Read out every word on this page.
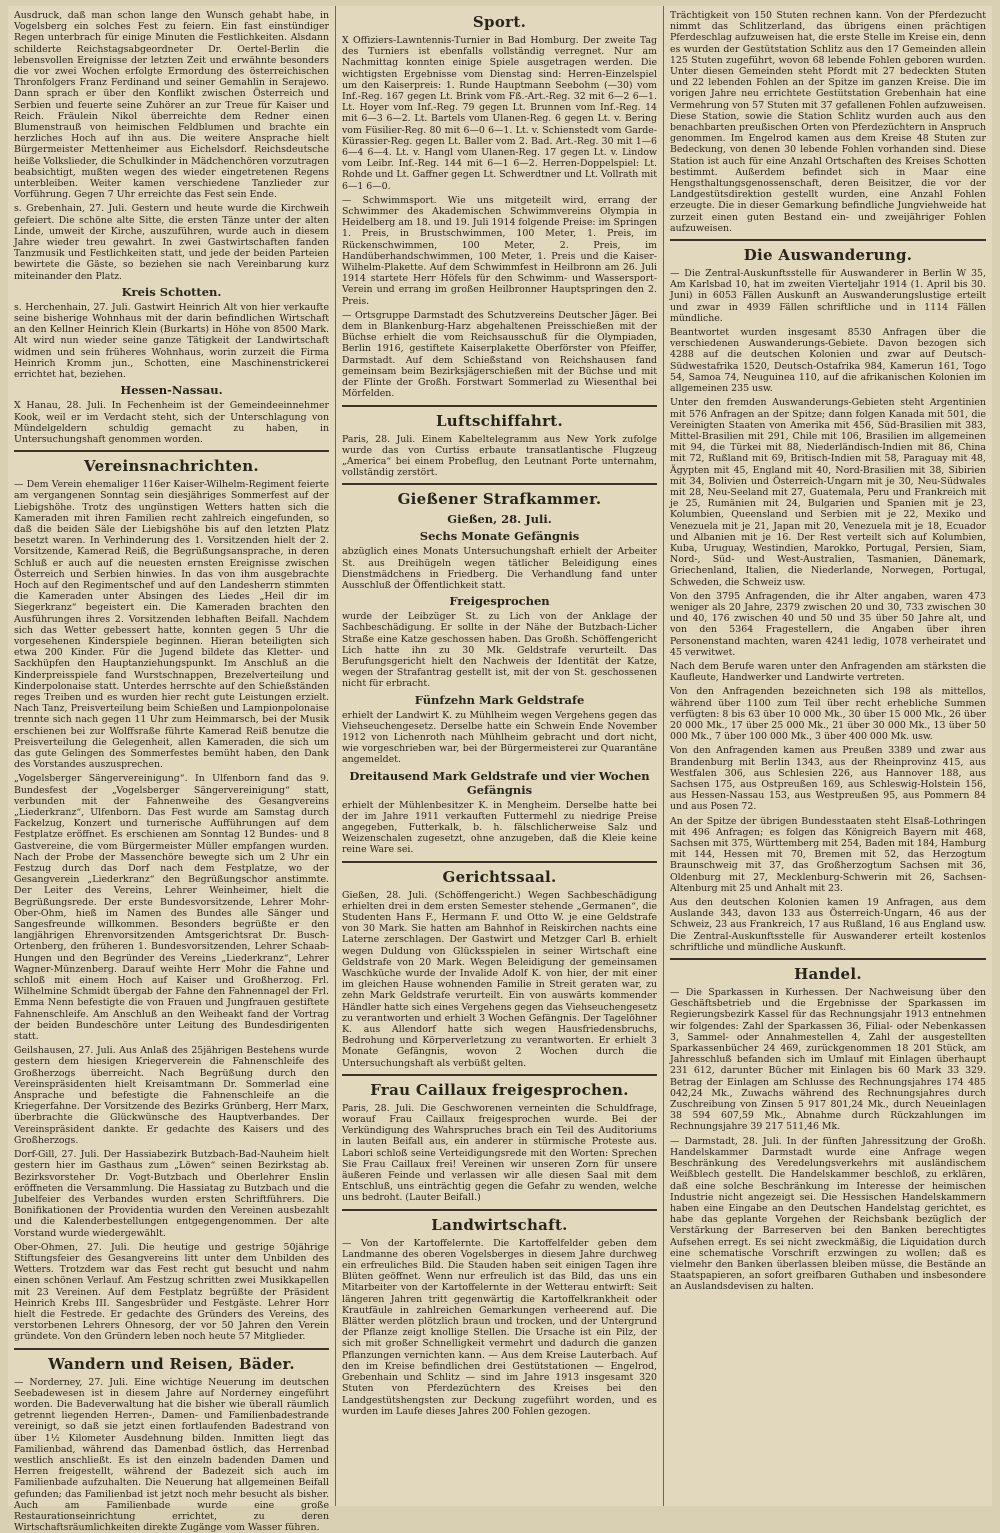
Ausdruck, daß man schon lange den Wunsch gehabt habe, in Vogelsberg ein solches Fest zu feiern. Ein fast einstündiger Regen unterbrach für einige Minuten die Festlichkeiten. Alsdann schilderte Reichstagsabgeordneter Dr. Oertel-Berlin die lebensvollen Ereignisse der letzten Zeit und erwähnte besonders die vor zwei Wochen erfolgte Ermordung des österreichischen Thronfolgers Franz Ferdinand und seiner Gemahlin in Serajewo. Dann sprach er über den Konflikt zwischen Österreich und Serbien und feuerte seine Zuhörer an zur Treue für Kaiser und Reich. Fräulein Nikol überreichte dem Redner einen Blumenstrauß von heimischen Feldblumen und brachte ein herzliches Hoch auf ihn aus. Die weitere Ansprache hielt Bürgermeister Mettenheimer aus Eichelsdorf. Reichsdeutsche heiße Volkslieder, die Schulkinder in Mädchenchören vorzutragen beabsichtigt, mußten wegen des wieder eingetretenen Regens unterbleiben. Weiter kamen verschiedene Tanzlieder zur Vorführung. Gegen 7 Uhr erreichte das Fest sein Ende.

s. Grebenhain, 27. Juli. Gestern und heute wurde die Kirchweih gefeiert. Die schöne alte Sitte, die ersten Tänze unter der alten Linde, umweit der Kirche, auszuführen, wurde auch in diesem Jahre wieder treu gewahrt. In zwei Gastwirtschaften fanden Tanzmusik und Festlichkeiten statt, und jede der beiden Parteien bewirtete die Gäste, so beziehen sie nach Vereinbarung kurz miteinander den Platz.

Kreis Schotten.

s. Herchenhain, 27. Juli. Gastwirt Heinrich Alt von hier verkaufte seine bisherige Wohnhaus mit der darin befindlichen Wirtschaft an den Kellner Heinrich Klein (Burkarts) in Höhe von 8500 Mark. Alt wird nun wieder seine ganze Tätigkeit der Landwirtschaft widmen und sein früheres Wohnhaus, worin zurzeit die Firma Heinrich Kromm jun., Schotten, eine Maschinenstrickerei errichtet hat, beziehen.

Hessen-Nassau.

X Hanau, 28. Juli. In Fechenheim ist der Gemeindeeinnehmer Kook, weil er im Verdacht steht, sich der Unterschlagung von Mündelgeldern schuldig gemacht zu haben, in Untersuchungshaft genommen worden.

Vereinsnachrichten.

— Dem Verein ehemaliger 116er Kaiser-Wilhelm-Regiment feierte am vergangenen Sonntag sein diesjähriges Sommerfest auf der Liebigshöhe. Trotz des ungünstigen Wetters hatten sich die Kameraden mit ihren Familien recht zahlreich eingefunden, so daß die beiden Säle der Liebigshöhe bis auf den letzten Platz besetzt waren. In Verhinderung des 1. Vorsitzenden hielt der 2. Vorsitzende, Kamerad Reiß, die Begrüßungsansprache, in deren Schluß er auch auf die neuesten ernsten Ereignisse zwischen Österreich und Serbien hinwies. In das von ihm ausgebrachte Hoch auf den Regimentschef und auf den Landesherrn stimmten die Kameraden unter Absingen des Liedes „Heil dir im Siegerkranz“ begeistert ein. Die Kameraden brachten den Ausführungen ihres 2. Vorsitzenden lebhaften Beifall. Nachdem sich das Wetter gebessert hatte, konnten gegen 5 Uhr die vorgesehenen Kinderspiele beginnen. Hieran beteiligten sich etwa 200 Kinder. Für die Jugend bildete das Kletter- und Sackhüpfen den Hauptanziehungspunkt. Im Anschluß an die Kinderpreisspiele fand Wurstschnappen, Brezelverteilung und Kinderpolonaise statt. Unterdes herrschte auf den Schießständen reges Treiben und es wurden hier recht gute Leistungen erzielt. Nach Tanz, Preisverteilung beim Schießen und Lampionpolonaise trennte sich nach gegen 11 Uhr zum Heimmarsch, bei der Musik erschienen bei zur Wolffsraße führte Kamerad Reiß benutze die Preisverteilung die Gelegenheit, allen Kameraden, die sich um das gute Gelingen des Sommerfestes bemüht haben, den Dank des Vorstandes auszusprechen.

„Vogelsberger Sängervereinigung“. In Ulfenborn fand das 9. Bundesfest der „Vogelsberger Sängervereinigung“ statt, verbunden mit der Fahnenweihe des Gesangvereins „Liederkranz“, Ulfenborn. Das Fest wurde am Samstag durch Fackelzug, Konzert und turnerische Aufführungen auf dem Festplatze eröffnet. Es erschienen am Sonntag 12 Bundes- und 8 Gastvereine, die vom Bürgermeister Müller empfangen wurden. Nach der Probe der Massenchöre bewegte sich um 2 Uhr ein Festzug durch das Dorf nach dem Festplatze, wo der Gesangverein „Liederkranz“ den Begrüßungschor anstimmte. Der Leiter des Vereins, Lehrer Weinheimer, hielt die Begrüßungsrede. Der erste Bundesvorsitzende, Lehrer Mohr-Ober-Ohm, hieß im Namen des Bundes alle Sänger und Sangesfreunde willkommen. Besonders begrüßte er den langjährigen Ehrenvorsitzenden Amtsgerichtsrat Dr. Busch-Ortenberg, den früheren 1. Bundesvorsitzenden, Lehrer Schaab-Hungen und den Begründer des Vereins „Liederkranz“, Lehrer Wagner-Münzenberg. Darauf weihte Herr Mohr die Fahne und schloß mit einem Hoch auf Kaiser und Großherzog. Frl. Wilhelmine Schmidt übergab der Fahne den Fahnennagel der Frl. Emma Nenn befestigte die von Frauen und Jungfrauen gestiftete Fahnenschleife. Am Anschluß an den Weiheakt fand der Vortrag der beiden Bundeschöre unter Leitung des Bundesdirigenten statt.

Geilshausen, 27. Juli. Aus Anlaß des 25jährigen Bestehens wurde gestern dem hiesigen Kriegerverein die Fahnenschleife des Großherzogs überreicht. Nach Begrüßung durch den Vereinspräsidenten hielt Kreisamtmann Dr. Sommerlad eine Ansprache und befestigte die Fahnenschleife an die Kriegerfahne. Der Vorsitzende des Bezirks Grünberg, Herr Marx, überbrachte die Glückwünsche des Hauptverbandes. Der Vereinspräsident dankte. Er gedachte des Kaisers und des Großherzogs.

Dorf-Gill, 27. Juli. Der Hassiabezirk Butzbach-Bad-Nauheim hielt gestern hier im Gasthaus zum „Löwen“ seinen Bezirkstag ab. Bezirksvorsteher Dr. Vogt-Butzbach und Oberlehrer Enslin eröffneten die Versammlung. Die Hassiatag zu Butzbach und die Jubelfeier des Verbandes wurden ersten Schriftführers. Die Bonifikationen der Providentia wurden den Vereinen ausbezahlt und die Kalenderbestellungen entgegengenommen. Der alte Vorstand wurde wiedergewählt.

Ober-Ohmen, 27. Juli. Die heutige und gestrige 50jährige Stiftungsfeier des Gesangvereins litt unter dem Unbilden des Wetters. Trotzdem war das Fest recht gut besucht und nahm einen schönen Verlauf. Am Festzug schritten zwei Musikkapellen mit 23 Vereinen. Auf dem Festplatz begrüßte der Präsident Heinrich Krebs III. Sangesbrüder und Festgäste. Lehrer Horr hielt die Festrede. Er gedachte des Gründers des Vereins, des verstorbenen Lehrers Ohnesorg, der vor 50 Jahren den Verein gründete. Von den Gründern leben noch heute 57 Mitglieder.

Wandern und Reisen, Bäder.

— Norderney, 27. Juli. Eine wichtige Neuerung im deutschen Seebadewesen ist in diesem Jahre auf Norderney eingeführt worden. Die Badeverwaltung hat die bisher wie überall räumlich getrennt liegenden Herren-, Damen- und Familienbadestrande vereinigt, so daß sie jetzt einen fortlaufenden Badestrand von über 1½ Kilometer Ausdehnung bilden. Inmitten liegt das Familienbad, während das Damenbad östlich, das Herrenbad westlich anschließt. Es ist den einzeln badenden Damen und Herren freigestellt, während der Badezeit sich auch im Familienbade aufzuhalten. Die Neuerung hat allgemeinen Beifall gefunden; das Familienbad ist jetzt noch mehr besucht als bisher. Auch am Familienbade wurde eine große Restaurationseinrichtung errichtet, zu deren Wirtschaftsräumlichkeiten direkte Zugänge vom Wasser führen.

Sport.

X Offiziers-Lawntennis-Turnier in Bad Homburg. Der zweite Tag des Turniers ist ebenfalls vollständig verregnet. Nur am Nachmittag konnten einige Spiele ausgetragen werden. Die wichtigsten Ergebnisse vom Dienstag sind: Herren-Einzelspiel um den Kaiserpreis: 1. Runde Hauptmann Seebohm (—30) vom Inf.-Reg. 167 gegen Lt. Brink vom Fß.-Art.-Reg. 32 mit 6—2 6—1. Lt. Hoyer vom Inf.-Reg. 79 gegen Lt. Brunnen vom Inf.-Reg. 14 mit 6—3 6—2. Lt. Bartels vom Ulanen-Reg. 6 gegen Lt. v. Bering vom Füsilier-Reg. 80 mit 6—0 6—1. Lt. v. Schienstedt vom Garde-Kürassier-Reg. gegen Lt. Baller vom 2. Bad. Art.-Reg. 30 mit 1—6 6—4 6—4. Lt. v. Hangl vom Ulanen-Reg. 17 gegen Lt. v. Lindow vom Leibr. Inf.-Reg. 144 mit 6—1 6—2. Herren-Doppelspiel: Lt. Rohde und Lt. Gaffner gegen Lt. Schwerdtner und Lt. Vollrath mit 6—1 6—0.

— Schwimmsport. Wie uns mitgeteilt wird, errang der Schwimmer des Akademischen Schwimmvereins Olympia in Heidelberg am 18. und 19. Juli 1914 folgende Preise: im Springen 1. Preis, in Brustschwimmen, 100 Meter, 1. Preis, im Rückenschwimmen, 100 Meter, 2. Preis, im Handüberhandschwimmen, 100 Meter, 1. Preis und die Kaiser-Wilhelm-Plakette. Auf dem Schwimmfest in Heilbronn am 26. Juli 1914 startete Herr Höfels für den Schwimm- und Wassersport-Verein und errang im großen Heilbronner Hauptspringen den 2. Preis.

— Ortsgruppe Darmstadt des Schutzvereins Deutscher Jäger. Bei dem in Blankenburg-Harz abgehaltenen Preisschießen mit der Büchse erhielt die vom Reichsausschuß für die Olympiaden, Berlin 1916, gestiftete Kaiserplakette Oberförster von Pfeiffer, Darmstadt. Auf dem Schießstand von Reichshausen fand gemeinsam beim Bezirksjägerschießen mit der Büchse und mit der Flinte der Großh. Forstwart Sommerlad zu Wiesenthal bei Mörfelden.

Luftschiffahrt.

Paris, 28. Juli. Einem Kabeltelegramm aus New York zufolge wurde das von Curtiss erbaute transatlantische Flugzeug „America“ bei einem Probeflug, den Leutnant Porte unternahm, vollständig zerstört.

Gießener Strafkammer.
Gießen, 28. Juli.
Sechs Monate Gefängnis

abzüglich eines Monats Untersuchungshaft erhielt der Arbeiter St. aus Dreihügeln wegen tätlicher Beleidigung eines Dienstmädchens in Friedberg. Die Verhandlung fand unter Ausschluß der Öffentlichkeit statt.

Freigesprochen

wurde der Leibzüger St. zu Lich von der Anklage der Sachbeschädigung. Er sollte in der Nähe der Butzbach-Licher Straße eine Katze geschossen haben. Das Großh. Schöffengericht Lich hatte ihn zu 30 Mk. Geldstrafe verurteilt. Das Berufungsgericht hielt den Nachweis der Identität der Katze, wegen der Strafantrag gestellt ist, mit der von St. geschossenen nicht für erbracht.

Fünfzehn Mark Geldstrafe

erhielt der Landwirt K. zu Mühlheim wegen Vergehens gegen das Viehseuchengesetz. Derselbe hatte ein Schwein Ende November 1912 von Lichenroth nach Mühlheim gebracht und dort nicht, wie vorgeschrieben war, bei der Bürgermeisterei zur Quarantäne angemeldet.

Dreitausend Mark Geldstrafe und vier Wochen Gefängnis

erhielt der Mühlenbesitzer K. in Mengheim. Derselbe hatte bei der im Jahre 1911 verkauften Futtermehl zu niedrige Preise angegeben, Futterkalk, b. h. fälschlicherweise Salz und Weizenschalen zugesetzt, ohne anzugeben, daß die Kleie keine reine Ware sei.

Gerichtssaal.

Gießen, 28. Juli. (Schöffengericht.) Wegen Sachbeschädigung erhielten drei in dem ersten Semester stehende „Germanen“, die Studenten Hans F., Hermann F. und Otto W. je eine Geldstrafe von 30 Mark. Sie hatten am Bahnhof in Reiskirchen nachts eine Laterne zerschlagen. Der Gastwirt und Metzger Carl B. erhielt wegen Duldung von Glücksspielen in seiner Wirtschaft eine Geldstrafe von 20 Mark. Wegen Beleidigung der gemeinsamen Waschküche wurde der Invalide Adolf K. von hier, der mit einer im gleichen Hause wohnenden Familie in Streit geraten war, zu zehn Mark Geldstrafe verurteilt. Ein von auswärts kommender Händler hatte sich eines Vergehens gegen das Viehseuchengesetz zu verantworten und erhielt 3 Wochen Gefängnis. Der Tagelöhner K. aus Allendorf hatte sich wegen Hausfriedensbruchs, Bedrohung und Körperverletzung zu verantworten. Er erhielt 3 Monate Gefängnis, wovon 2 Wochen durch die Untersuchungshaft als verbüßt gelten.

Frau Caillaux freigesprochen.

Paris, 28. Juli. Die Geschworenen verneinten die Schuldfrage, worauf Frau Caillaux freigesprochen wurde. Bei der Verkündigung des Wahrspruches brach ein Teil des Auditoriums in lauten Beifall aus, ein anderer in stürmische Proteste aus. Labori schloß seine Verteidigungsrede mit den Worten: Sprechen Sie Frau Caillaux frei! Vereinen wir unseren Zorn für unsere äußeren Feinde und verlassen wir alle diesen Saal mit dem Entschluß, uns einträchtig gegen die Gefahr zu wenden, welche uns bedroht. (Lauter Beifall.)

Landwirtschaft.

— Von der Kartoffelernte. Die Kartoffelfelder geben dem Landmanne des oberen Vogelsberges in diesem Jahre durchweg ein erfreuliches Bild. Die Stauden haben seit einigen Tagen ihre Blüten geöffnet. Wenn nur erfreulich ist das Bild, das uns ein Mitarbeiter von der Kartoffelernte in der Wetterau entwirft: Seit längeren Jahren tritt gegenwärtig die Kartoffelkrankheit oder Krautfäule in zahlreichen Gemarkungen verheerend auf. Die Blätter werden plötzlich braun und trocken, und der Untergrund der Pflanze zeigt knollige Stellen. Die Ursache ist ein Pilz, der sich mit großer Schnelligkeit vermehrt und dadurch die ganzen Pflanzungen vernichten kann. — Aus dem Kreise Lauterbach. Auf den im Kreise befindlichen drei Gestütstationen — Engelrod, Grebenhain und Schlitz — sind im Jahre 1913 insgesamt 320 Stuten von Pferdezüchtern des Kreises bei den Landgestütshengsten zur Deckung zugeführt worden, und es wurden im Laufe dieses Jahres 200 Fohlen gezogen.

Trächtigkeit von 150 Stuten rechnen kann. Von der Pferdezucht nimmt das Schlitzerland, das übrigens einen prächtigen Pferdeschlag aufzuweisen hat, die erste Stelle im Kreise ein, denn es wurden der Gestütstation Schlitz aus den 17 Gemeinden allein 125 Stuten zugeführt, wovon 68 lebende Fohlen geboren wurden. Unter diesen Gemeinden steht Pfordt mit 27 bedeckten Stuten und 22 lebenden Fohlen an der Spitze im ganzen Kreise. Die im vorigen Jahre neu errichtete Gestütstation Grebenhain hat eine Vermehrung von 57 Stuten mit 37 gefallenen Fohlen aufzuweisen. Diese Station, sowie die Station Schlitz wurden auch aus den benachbarten preußischen Orten von Pferdezüchtern in Anspruch genommen. Im Engelrod kamen aus dem Kreise 48 Stuten zur Bedeckung, von denen 30 lebende Fohlen vorhanden sind. Diese Station ist auch für eine Anzahl Ortschaften des Kreises Schotten bestimmt. Außerdem befindet sich in Maar eine Hengsthaltungsgenossenschaft, deren Beisitzer, die vor der Landgestütsdirektion gestellt wurden, eine Anzahl Fohlen erzeugte. Die in dieser Gemarkung befindliche Jungviehweide hat zurzeit einen guten Bestand ein- und zweijähriger Fohlen aufzuweisen.

Die Auswanderung.

— Die Zentral-Auskunftsstelle für Auswanderer in Berlin W 35, Am Karlsbad 10, hat im zweiten Vierteljahr 1914 (1. April bis 30. Juni) in 6053 Fällen Auskunft an Auswanderungslustige erteilt und zwar in 4939 Fällen schriftliche und in 1114 Fällen mündliche.

Beantwortet wurden insgesamt 8530 Anfragen über die verschiedenen Auswanderungs-Gebiete. Davon bezogen sich 4288 auf die deutschen Kolonien und zwar auf Deutsch-Südwestafrika 1520, Deutsch-Ostafrika 984, Kamerun 161, Togo 54, Samoa 74, Neuguinea 110, auf die afrikanischen Kolonien im allgemeinen 235 usw.

Unter den fremden Auswanderungs-Gebieten steht Argentinien mit 576 Anfragen an der Spitze; dann folgen Kanada mit 501, die Vereinigten Staaten von Amerika mit 456, Süd-Brasilien mit 383, Mittel-Brasilien mit 291, Chile mit 106, Brasilien im allgemeinen mit 94, die Türkei mit 88, Niederländisch-Indien mit 86, China mit 72, Rußland mit 69, Britisch-Indien mit 58, Paraguay mit 48, Ägypten mit 45, England mit 40, Nord-Brasilien mit 38, Sibirien mit 34, Bolivien und Österreich-Ungarn mit je 30, Neu-Südwales mit 28, Neu-Seeland mit 27, Guatemala, Peru und Frankreich mit je 25, Rumänien mit 24, Bulgarien und Spanien mit je 23, Kolumbien, Queensland und Serbien mit je 22, Mexiko und Venezuela mit je 21, Japan mit 20, Venezuela mit je 18, Ecuador und Albanien mit je 16. Der Rest verteilt sich auf Kolumbien, Kuba, Uruguay, Westindien, Marokko, Portugal, Persien, Siam, Nord-, Süd- und West-Australien, Tasmanien, Dänemark, Griechenland, Italien, die Niederlande, Norwegen, Portugal, Schweden, die Schweiz usw.

Von den 3795 Anfragenden, die ihr Alter angaben, waren 473 weniger als 20 Jahre, 2379 zwischen 20 und 30, 733 zwischen 30 und 40, 176 zwischen 40 und 50 und 35 über 50 Jahre alt, und von den 5364 Fragestellern, die Angaben über ihren Personenstand machten, waren 4241 ledig, 1078 verheiratet und 45 verwitwet.

Nach dem Berufe waren unter den Anfragenden am stärksten die Kaufleute, Handwerker und Landwirte vertreten.

Von den Anfragenden bezeichneten sich 198 als mittellos, während über 1100 zum Teil über recht erhebliche Summen verfügten: 8 bis 63 über 10 000 Mk., 30 über 15 000 Mk., 26 über 20 000 Mk., 17 über 25 000 Mk., 21 über 30 000 Mk., 13 über 50 000 Mk., 7 über 100 000 Mk., 3 über 400 000 Mk. usw.

Von den Anfragenden kamen aus Preußen 3389 und zwar aus Brandenburg mit Berlin 1343, aus der Rheinprovinz 415, aus Westfalen 306, aus Schlesien 226, aus Hannover 188, aus Sachsen 175, aus Ostpreußen 169, aus Schleswig-Holstein 156, aus Hessen-Nassau 153, aus Westpreußen 95, aus Pommern 84 und aus Posen 72.

An der Spitze der übrigen Bundesstaaten steht Elsaß-Lothringen mit 496 Anfragen; es folgen das Königreich Bayern mit 468, Sachsen mit 375, Württemberg mit 254, Baden mit 184, Hamburg mit 144, Hessen mit 70, Bremen mit 52, das Herzogtum Braunschweig mit 37, das Großherzogtum Sachsen mit 36, Oldenburg mit 27, Mecklenburg-Schwerin mit 26, Sachsen-Altenburg mit 25 und Anhalt mit 23.

Aus den deutschen Kolonien kamen 19 Anfragen, aus dem Auslande 343, davon 133 aus Österreich-Ungarn, 46 aus der Schweiz, 23 aus Frankreich, 17 aus Rußland, 16 aus England usw. Die Zentral-Auskunftsstelle für Auswanderer erteilt kostenlos schriftliche und mündliche Auskunft.

Handel.

— Die Sparkassen in Kurhessen. Der Nachweisung über den Geschäftsbetrieb und die Ergebnisse der Sparkassen im Regierungsbezirk Kassel für das Rechnungsjahr 1913 entnehmen wir folgendes: Zahl der Sparkassen 36, Filial- oder Nebenkassen 3, Sammel- oder Annahmestellen 4, Zahl der ausgestellten Sparkassenbücher 24 469, zurückgenommen 18 201 Stück, am Jahresschluß befanden sich im Umlauf mit Einlagen überhaupt 231 612, darunter Bücher mit Einlagen bis 60 Mark 33 329. Betrag der Einlagen am Schlusse des Rechnungsjahres 174 485 042,24 Mk., Zuwachs während des Rechnungsjahres durch Zuschreibung von Zinsen 5 917 801,24 Mk., durch Neueinlagen 38 594 607,59 Mk., Abnahme durch Rückzahlungen im Rechnungsjahre 39 217 511,46 Mk.

— Darmstadt, 28. Juli. In der fünften Jahressitzung der Großh. Handelskammer Darmstadt wurde eine Anfrage wegen Beschränkung des Veredelungsverkehrs mit ausländischem Weißblech gestellt. Die Handelskammer beschloß, zu erklären, daß eine solche Beschränkung im Interesse der heimischen Industrie nicht angezeigt sei. Die Hessischen Handelskammern haben eine Eingabe an den Deutschen Handelstag gerichtet, es habe das geplante Vorgehen der Reichsbank bezüglich der Verstärkung der Barreserven bei den Banken berechtigtes Aufsehen erregt. Es sei nicht zweckmäßig, die Liquidation durch eine schematische Vorschrift erzwingen zu wollen; daß es vielmehr den Banken überlassen bleiben müsse, die Bestände an Staatspapieren, an sofort greifbaren Guthaben und insbesondere an Auslandsdevisen zu halten.
